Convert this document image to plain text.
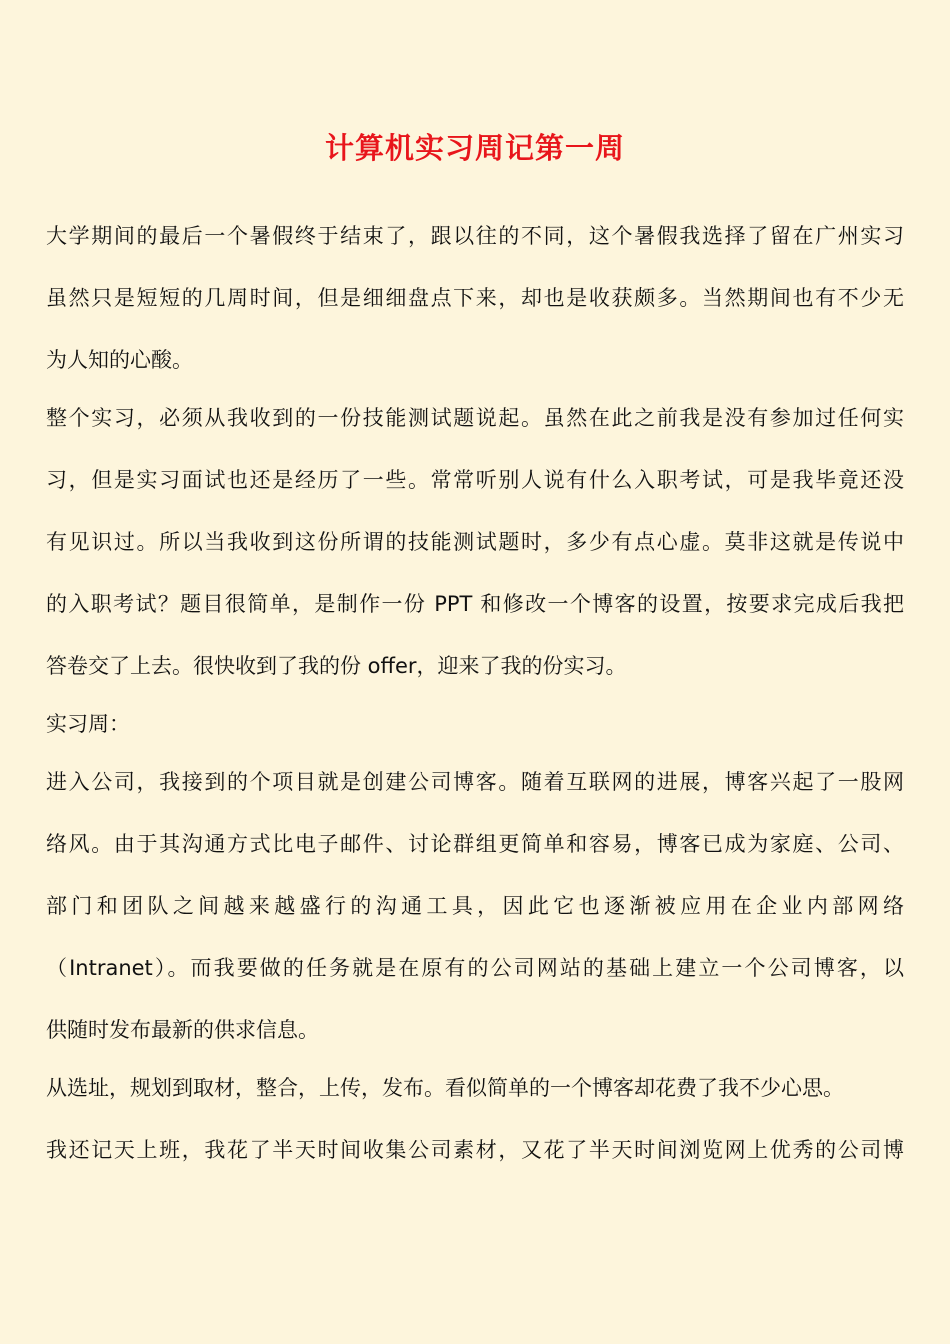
计算机实习周记第一周
大学期间的最后一个暑假终于结束了，跟以往的不同，这个暑假我选择了留在广州实习
虽然只是短短的几周时间，但是细细盘点下来，却也是收获颇多。当然期间也有不少无
为人知的心酸。
整个实习，必须从我收到的一份技能测试题说起。虽然在此之前我是没有参加过任何实
习，但是实习面试也还是经历了一些。常常听别人说有什么入职考试，可是我毕竟还没
有见识过。所以当我收到这份所谓的技能测试题时，多少有点心虚。莫非这就是传说中
的入职考试？题目很简单，是制作一份 PPT 和修改一个博客的设置，按要求完成后我把
答卷交了上去。很快收到了我的份 offer，迎来了我的份实习。
实习周：
进入公司，我接到的个项目就是创建公司博客。随着互联网的进展，博客兴起了一股网
络风。由于其沟通方式比电子邮件、讨论群组更简单和容易，博客已成为家庭、公司、
部门和团队之间越来越盛行的沟通工具，因此它也逐渐被应用在企业内部网络
（Intranet）。而我要做的任务就是在原有的公司网站的基础上建立一个公司博客，以
供随时发布最新的供求信息。
从选址，规划到取材，整合，上传，发布。看似简单的一个博客却花费了我不少心思。
我还记天上班，我花了半天时间收集公司素材，又花了半天时间浏览网上优秀的公司博
